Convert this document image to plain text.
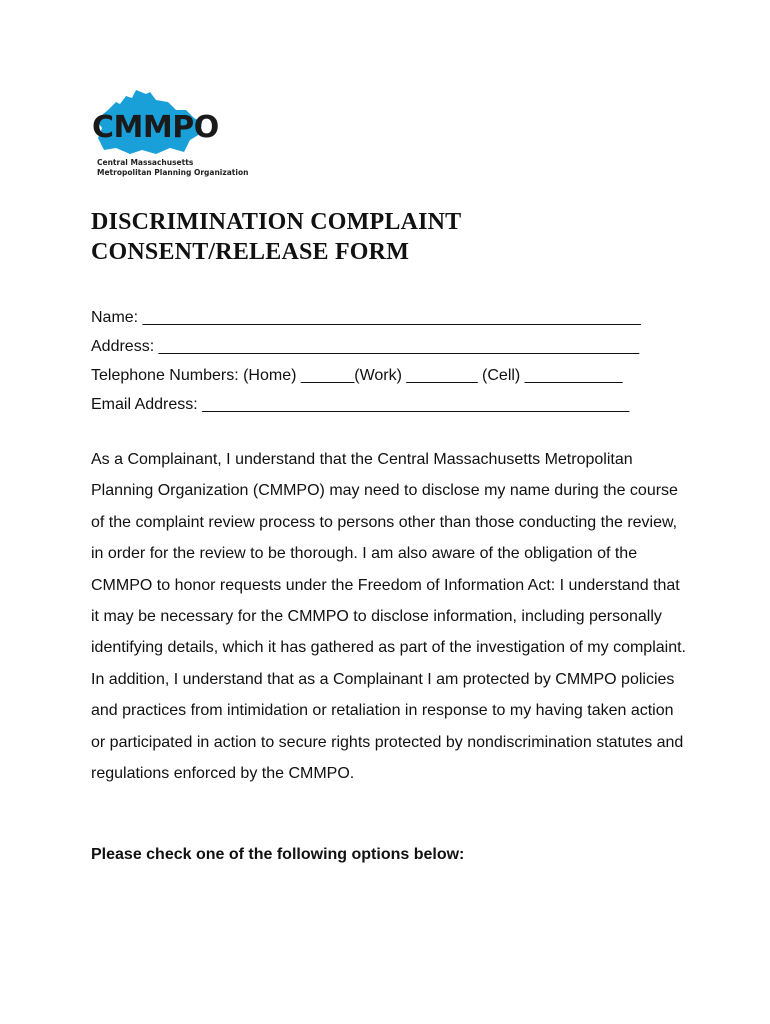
CMMPO
Central Massachusetts
Metropolitan Planning Organization
DISCRIMINATION COMPLAINT
CONSENT/RELEASE FORM
Name: ________________________________________________________
Address: ______________________________________________________
Telephone Numbers: (Home) ______(Work) ________ (Cell) ___________
Email Address: ________________________________________________

As a Complainant, I understand that the Central Massachusetts Metropolitan Planning Organization (CMMPO) may need to disclose my name during the course of the complaint review process to persons other than those conducting the review, in order for the review to be thorough. I am also aware of the obligation of the CMMPO to honor requests under the Freedom of Information Act: I understand that it may be necessary for the CMMPO to disclose information, including personally identifying details, which it has gathered as part of the investigation of my complaint. In addition, I understand that as a Complainant I am protected by CMMPO policies and practices from intimidation or retaliation in response to my having taken action or participated in action to secure rights protected by nondiscrimination statutes and regulations enforced by the CMMPO.

Please check one of the following options below:
